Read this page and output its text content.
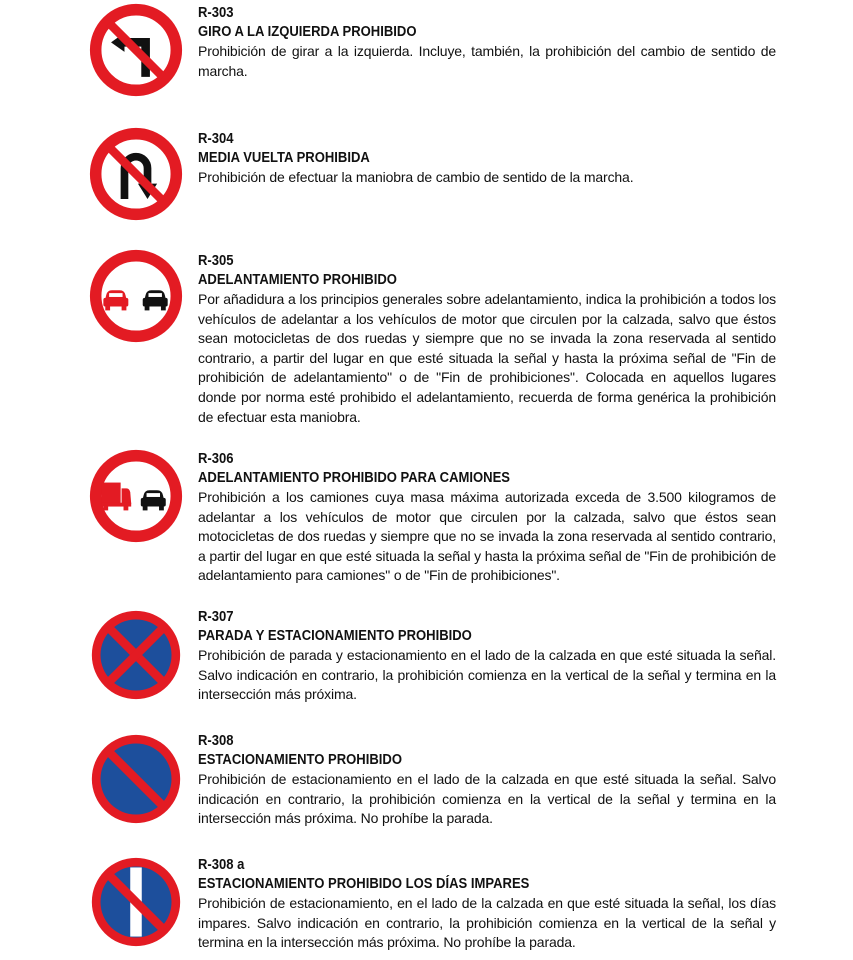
R-303
GIRO A LA IZQUIERDA PROHIBIDO
Prohibición de girar a la izquierda. Incluye, también, la prohibición del cambio de sentido de marcha.
R-304
MEDIA VUELTA PROHIBIDA
Prohibición de efectuar la maniobra de cambio de sentido de la marcha.
R-305
ADELANTAMIENTO PROHIBIDO
Por añadidura a los principios generales sobre adelantamiento, indica la prohibición a todos los vehículos de adelantar a los vehículos de motor que circulen por la calzada, salvo que éstos sean motocicletas de dos ruedas y siempre que no se invada la zona reservada al sentido contrario, a partir del lugar en que esté situada la señal y hasta la próxima señal de "Fin de prohibición de adelantamiento" o de "Fin de prohibiciones". Colocada en aquellos lugares donde por norma esté prohibido el adelantamiento, recuerda de forma genérica la prohibición de efectuar esta maniobra.
R-306
ADELANTAMIENTO PROHIBIDO PARA CAMIONES
Prohibición a los camiones cuya masa máxima autorizada exceda de 3.500 kilogramos de adelantar a los vehículos de motor que circulen por la calzada, salvo que éstos sean motocicletas de dos ruedas y siempre que no se invada la zona reservada al sentido contrario, a partir del lugar en que esté situada la señal y hasta la próxima señal de "Fin de prohibición de adelantamiento para camiones" o de "Fin de prohibiciones".
R-307
PARADA Y ESTACIONAMIENTO PROHIBIDO
Prohibición de parada y estacionamiento en el lado de la calzada en que esté situada la señal. Salvo indicación en contrario, la prohibición comienza en la vertical de la señal y termina en la intersección más próxima.
R-308
ESTACIONAMIENTO PROHIBIDO
Prohibición de estacionamiento en el lado de la calzada en que esté situada la señal. Salvo indicación en contrario, la prohibición comienza en la vertical de la señal y termina en la intersección más próxima. No prohíbe la parada.
R-308 a
ESTACIONAMIENTO PROHIBIDO LOS DÍAS IMPARES
Prohibición de estacionamiento, en el lado de la calzada en que esté situada la señal, los días impares. Salvo indicación en contrario, la prohibición comienza en la vertical de la señal y termina en la intersección más próxima. No prohíbe la parada.
